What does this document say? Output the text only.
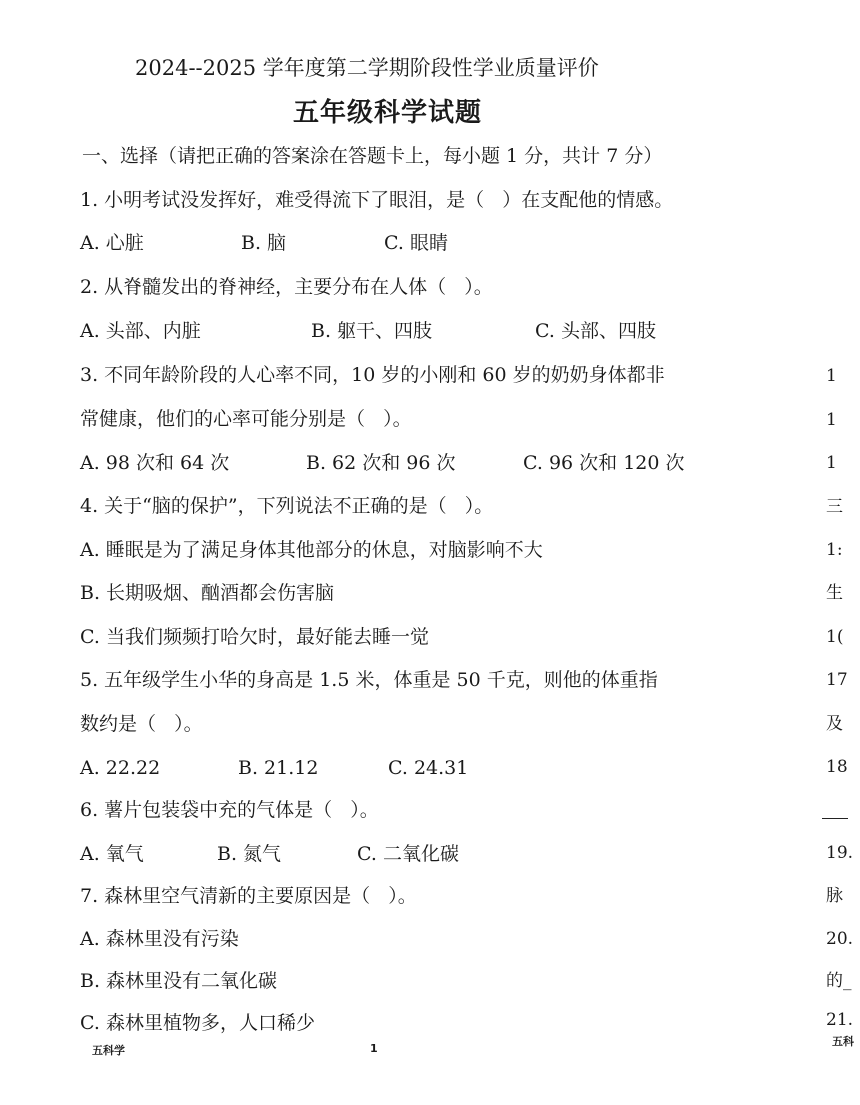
2024--2025 学年度第二学期阶段性学业质量评价
五年级科学试题
一、选择（请把正确的答案涂在答题卡上，每小题 1 分，共计 7 分）
1. 小明考试没发挥好，难受得流下了眼泪，是（   ）在支配他的情感。
A. 心脏	B. 脑	C. 眼睛
2. 从脊髓发出的脊神经，主要分布在人体（   ）。
A. 头部、内脏	B. 躯干、四肢	C. 头部、四肢
3. 不同年龄阶段的人心率不同，10 岁的小刚和 60 岁的奶奶身体都非
常健康，他们的心率可能分别是（   ）。
A. 98 次和 64 次	B. 62 次和 96 次	C. 96 次和 120 次
4. 关于“脑的保护”，下列说法不正确的是（   ）。
A. 睡眠是为了满足身体其他部分的休息，对脑影响不大
B. 长期吸烟、酗酒都会伤害脑
C. 当我们频频打哈欠时，最好能去睡一觉
5. 五年级学生小华的身高是 1.5 米，体重是 50 千克，则他的体重指
数约是（   ）。
A. 22.22	B. 21.12	C. 24.31
6. 薯片包装袋中充的气体是（   ）。
A. 氧气	B. 氮气	C. 二氧化碳
7. 森林里空气清新的主要原因是（   ）。
A. 森林里没有污染
B. 森林里没有二氧化碳
C. 森林里植物多，人口稀少
五科学	1
1
1
1
三
1:
生
1(
17
及
18
19.
脉
20.
的_
21.
五科
